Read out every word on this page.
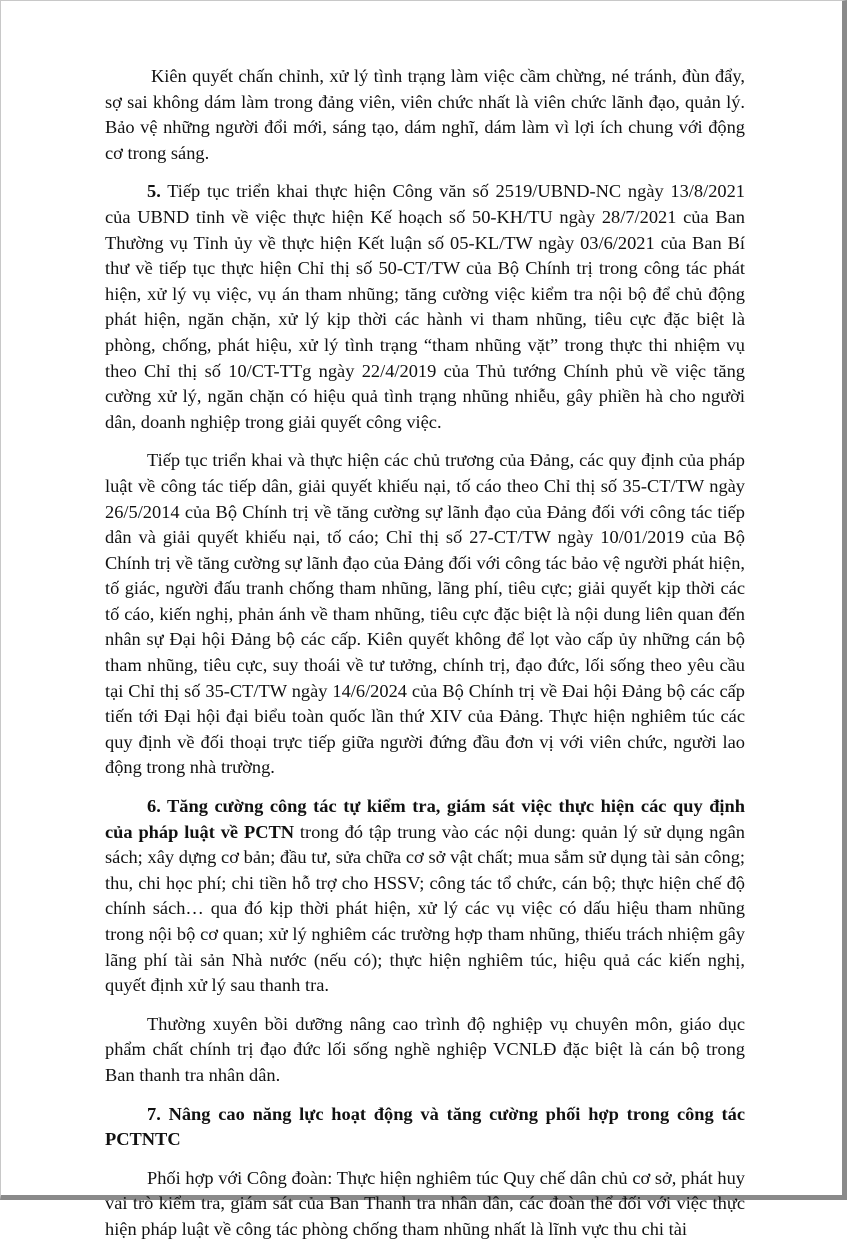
Kiên quyết chấn chỉnh, xử lý tình trạng làm việc cầm chừng, né tránh, đùn đẩy, sợ sai không dám làm trong đảng viên, viên chức nhất là viên chức lãnh đạo, quản lý. Bảo vệ những người đổi mới, sáng tạo, dám nghĩ, dám làm vì lợi ích chung với động cơ trong sáng.

5. Tiếp tục triển khai thực hiện Công văn số 2519/UBND-NC ngày 13/8/2021 của UBND tỉnh về việc thực hiện Kế hoạch số 50-KH/TU ngày 28/7/2021 của Ban Thường vụ Tỉnh ủy về thực hiện Kết luận số 05-KL/TW ngày 03/6/2021 của Ban Bí thư về tiếp tục thực hiện Chỉ thị số 50-CT/TW của Bộ Chính trị trong công tác phát hiện, xử lý vụ việc, vụ án tham nhũng; tăng cường việc kiểm tra nội bộ để chủ động phát hiện, ngăn chặn, xử lý kịp thời các hành vi tham nhũng, tiêu cực đặc biệt là phòng, chống, phát hiệu, xử lý tình trạng “tham nhũng vặt” trong thực thi nhiệm vụ theo Chỉ thị số 10/CT-TTg ngày 22/4/2019 của Thủ tướng Chính phủ về việc tăng cường xử lý, ngăn chặn có hiệu quả tình trạng nhũng nhiễu, gây phiền hà cho người dân, doanh nghiệp trong giải quyết công việc.

Tiếp tục triển khai và thực hiện các chủ trương của Đảng, các quy định của pháp luật về công tác tiếp dân, giải quyết khiếu nại, tố cáo theo Chỉ thị số 35-CT/TW ngày 26/5/2014 của Bộ Chính trị về tăng cường sự lãnh đạo của Đảng đối với công tác tiếp dân và giải quyết khiếu nại, tố cáo; Chỉ thị số 27-CT/TW ngày 10/01/2019 của Bộ Chính trị về tăng cường sự lãnh đạo của Đảng đối với công tác bảo vệ người phát hiện, tố giác, người đấu tranh chống tham nhũng, lãng phí, tiêu cực; giải quyết kịp thời các tố cáo, kiến nghị, phản ánh về tham nhũng, tiêu cực đặc biệt là nội dung liên quan đến nhân sự Đại hội Đảng bộ các cấp. Kiên quyết không để lọt vào cấp ủy những cán bộ tham nhũng, tiêu cực, suy thoái về tư tưởng, chính trị, đạo đức, lối sống theo yêu cầu tại Chỉ thị số 35-CT/TW ngày 14/6/2024 của Bộ Chính trị về Đai hội Đảng bộ các cấp tiến tới Đại hội đại biểu toàn quốc lần thứ XIV của Đảng. Thực hiện nghiêm túc các quy định về đối thoại trực tiếp giữa người đứng đầu đơn vị với viên chức, người lao động trong nhà trường.

6. Tăng cường công tác tự kiểm tra, giám sát việc thực hiện các quy định của pháp luật về PCTN trong đó tập trung vào các nội dung: quản lý sử dụng ngân sách; xây dựng cơ bản; đầu tư, sửa chữa cơ sở vật chất; mua sắm sử dụng tài sản công; thu, chi học phí; chi tiền hỗ trợ cho HSSV; công tác tổ chức, cán bộ; thực hiện chế độ chính sách… qua đó kịp thời phát hiện, xử lý các vụ việc có dấu hiệu tham nhũng trong nội bộ cơ quan; xử lý nghiêm các trường hợp tham nhũng, thiếu trách nhiệm gây lãng phí tài sản Nhà nước (nếu có); thực hiện nghiêm túc, hiệu quả các kiến nghị, quyết định xử lý sau thanh tra.

Thường xuyên bồi dưỡng nâng cao trình độ nghiệp vụ chuyên môn, giáo dục phẩm chất chính trị đạo đức lối sống nghề nghiệp VCNLĐ đặc biệt là cán bộ trong Ban thanh tra nhân dân.

7. Nâng cao năng lực hoạt động và tăng cường phối hợp trong công tác PCTNTC

Phối hợp với Công đoàn: Thực hiện nghiêm túc Quy chế dân chủ cơ sở, phát huy vai trò kiểm tra, giám sát của Ban Thanh tra nhân dân, các đoàn thể đối với việc thực hiện pháp luật về công tác phòng chống tham nhũng nhất là lĩnh vực thu chi tài
